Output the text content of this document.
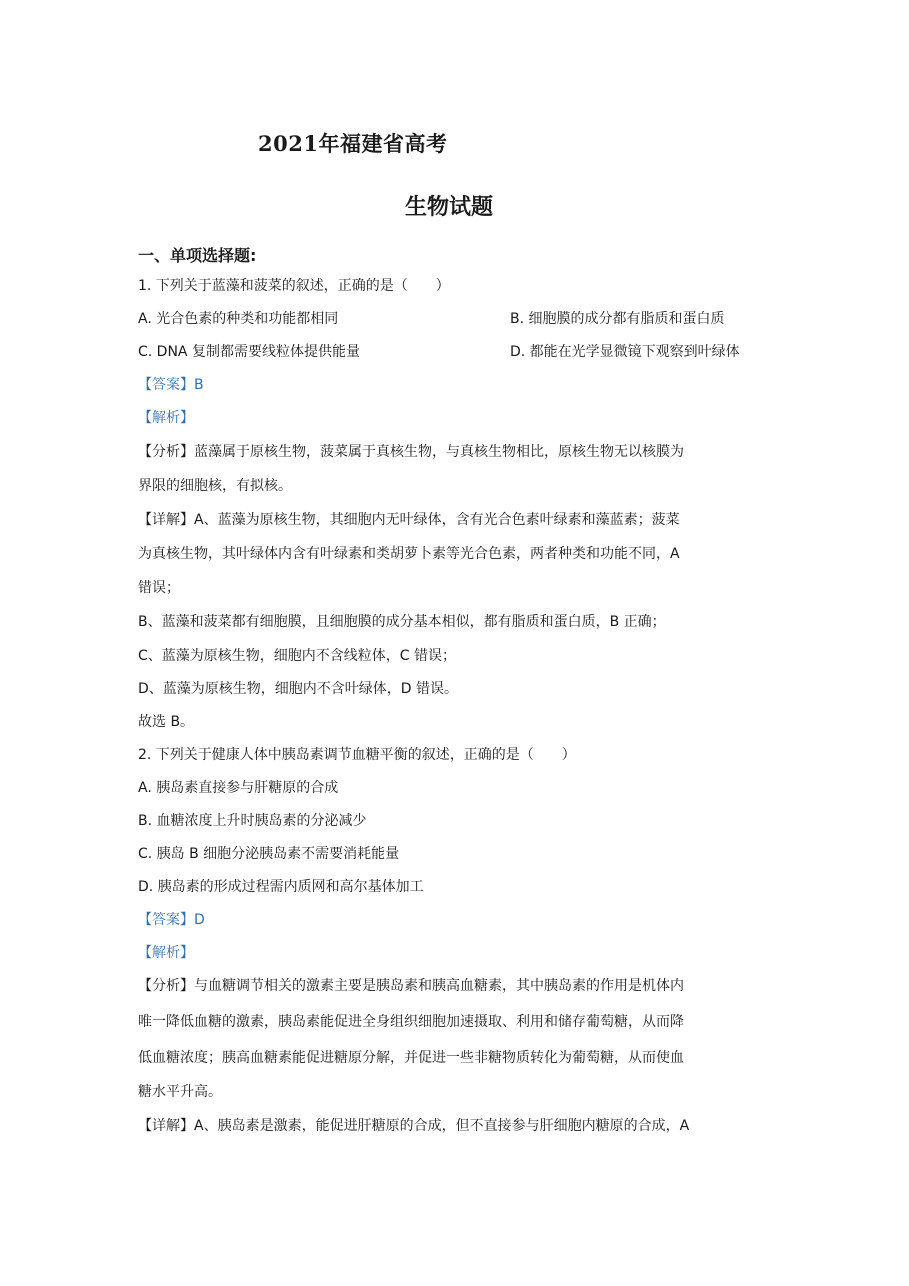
2021年福建省高考
生物试题
一、单项选择题:
1. 下列关于蓝藻和菠菜的叙述，正确的是（　　）
A. 光合色素的种类和功能都相同	B. 细胞膜的成分都有脂质和蛋白质
C. DNA 复制都需要线粒体提供能量	D. 都能在光学显微镜下观察到叶绿体
【答案】B
【解析】
【分析】蓝藻属于原核生物，菠菜属于真核生物，与真核生物相比，原核生物无以核膜为
界限的细胞核，有拟核。
【详解】A、蓝藻为原核生物，其细胞内无叶绿体，含有光合色素叶绿素和藻蓝素；菠菜
为真核生物，其叶绿体内含有叶绿素和类胡萝卜素等光合色素，两者种类和功能不同，A
错误；
B、蓝藻和菠菜都有细胞膜，且细胞膜的成分基本相似，都有脂质和蛋白质，B 正确；
C、蓝藻为原核生物，细胞内不含线粒体，C 错误；
D、蓝藻为原核生物，细胞内不含叶绿体，D 错误。
故选 B。
2. 下列关于健康人体中胰岛素调节血糖平衡的叙述，正确的是（　　）
A. 胰岛素直接参与肝糖原的合成
B. 血糖浓度上升时胰岛素的分泌减少
C. 胰岛 B 细胞分泌胰岛素不需要消耗能量
D. 胰岛素的形成过程需内质网和高尔基体加工
【答案】D
【解析】
【分析】与血糖调节相关的激素主要是胰岛素和胰高血糖素，其中胰岛素的作用是机体内
唯一降低血糖的激素，胰岛素能促进全身组织细胞加速摄取、利用和储存葡萄糖，从而降
低血糖浓度；胰高血糖素能促进糖原分解，并促进一些非糖物质转化为葡萄糖，从而使血
糖水平升高。
【详解】A、胰岛素是激素，能促进肝糖原的合成，但不直接参与肝细胞内糖原的合成，A
